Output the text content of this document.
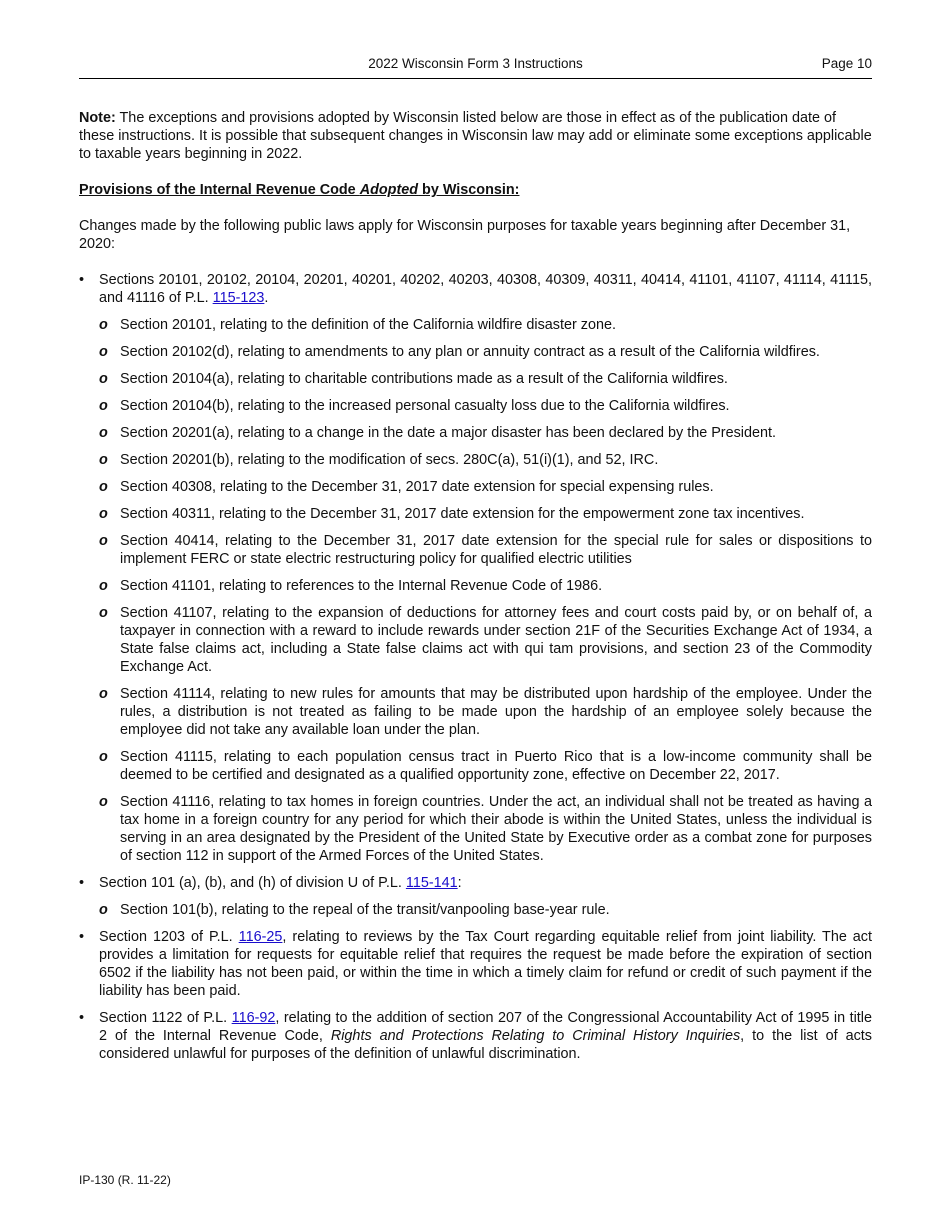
2022 Wisconsin Form 3 Instructions	Page 10

Note: The exceptions and provisions adopted by Wisconsin listed below are those in effect as of the publication date of these instructions. It is possible that subsequent changes in Wisconsin law may add or eliminate some exceptions applicable to taxable years beginning in 2022.

Provisions of the Internal Revenue Code Adopted by Wisconsin:

Changes made by the following public laws apply for Wisconsin purposes for taxable years beginning after December 31, 2020:

• Sections 20101, 20102, 20104, 20201, 40201, 40202, 40203, 40308, 40309, 40311, 40414, 41101, 41107, 41114, 41115, and 41116 of P.L. 115-123.
o Section 20101, relating to the definition of the California wildfire disaster zone.
o Section 20102(d), relating to amendments to any plan or annuity contract as a result of the California wildfires.
o Section 20104(a), relating to charitable contributions made as a result of the California wildfires.
o Section 20104(b), relating to the increased personal casualty loss due to the California wildfires.
o Section 20201(a), relating to a change in the date a major disaster has been declared by the President.
o Section 20201(b), relating to the modification of secs. 280C(a), 51(i)(1), and 52, IRC.
o Section 40308, relating to the December 31, 2017 date extension for special expensing rules.
o Section 40311, relating to the December 31, 2017 date extension for the empowerment zone tax incentives.
o Section 40414, relating to the December 31, 2017 date extension for the special rule for sales or dispositions to implement FERC or state electric restructuring policy for qualified electric utilities
o Section 41101, relating to references to the Internal Revenue Code of 1986.
o Section 41107, relating to the expansion of deductions for attorney fees and court costs paid by, or on behalf of, a taxpayer in connection with a reward to include rewards under section 21F of the Securities Exchange Act of 1934, a State false claims act, including a State false claims act with qui tam provisions, and section 23 of the Commodity Exchange Act.
o Section 41114, relating to new rules for amounts that may be distributed upon hardship of the employee. Under the rules, a distribution is not treated as failing to be made upon the hardship of an employee solely because the employee did not take any available loan under the plan.
o Section 41115, relating to each population census tract in Puerto Rico that is a low-income community shall be deemed to be certified and designated as a qualified opportunity zone, effective on December 22, 2017.
o Section 41116, relating to tax homes in foreign countries. Under the act, an individual shall not be treated as having a tax home in a foreign country for any period for which their abode is within the United States, unless the individual is serving in an area designated by the President of the United State by Executive order as a combat zone for purposes of section 112 in support of the Armed Forces of the United States.
• Section 101 (a), (b), and (h) of division U of P.L. 115-141:
o Section 101(b), relating to the repeal of the transit/vanpooling base-year rule.
• Section 1203 of P.L. 116-25, relating to reviews by the Tax Court regarding equitable relief from joint liability. The act provides a limitation for requests for equitable relief that requires the request be made before the expiration of section 6502 if the liability has not been paid, or within the time in which a timely claim for refund or credit of such payment if the liability has been paid.
• Section 1122 of P.L. 116-92, relating to the addition of section 207 of the Congressional Accountability Act of 1995 in title 2 of the Internal Revenue Code, Rights and Protections Relating to Criminal History Inquiries, to the list of acts considered unlawful for purposes of the definition of unlawful discrimination.
IP-130 (R. 11-22)
